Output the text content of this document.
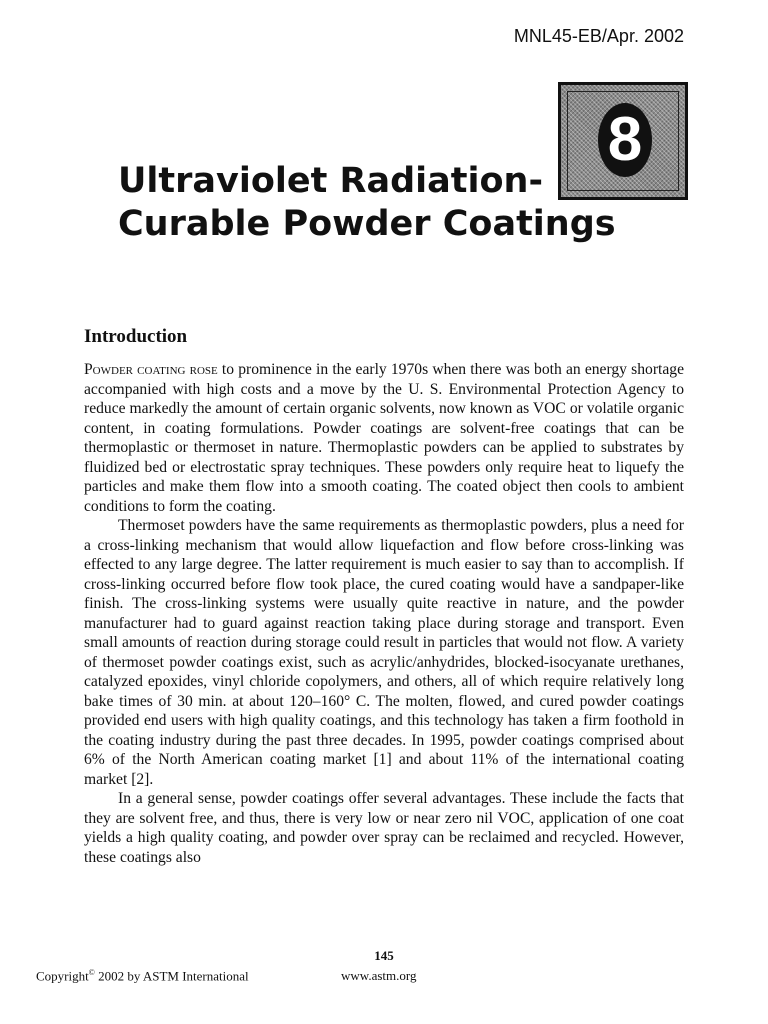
MNL45-EB/Apr. 2002
8
Ultraviolet Radiation-
Curable Powder Coatings
Introduction

Powder coating rose to prominence in the early 1970s when there was both an energy shortage accompanied with high costs and a move by the U. S. Environmental Protection Agency to reduce markedly the amount of certain organic solvents, now known as VOC or volatile organic content, in coating formulations. Powder coatings are solvent-free coatings that can be thermoplastic or thermoset in nature. Thermoplastic powders can be applied to substrates by fluidized bed or electrostatic spray techniques. These powders only require heat to liquefy the particles and make them flow into a smooth coating. The coated object then cools to ambient conditions to form the coating.

Thermoset powders have the same requirements as thermoplastic powders, plus a need for a cross-linking mechanism that would allow liquefaction and flow before cross-linking was effected to any large degree. The latter requirement is much easier to say than to accomplish. If cross-linking occurred before flow took place, the cured coating would have a sandpaper-like finish. The cross-linking systems were usually quite reactive in nature, and the powder manufacturer had to guard against reaction taking place during storage and transport. Even small amounts of reaction during storage could result in particles that would not flow. A variety of thermoset powder coatings exist, such as acrylic/anhydrides, blocked-isocyanate urethanes, catalyzed epoxides, vinyl chloride copolymers, and others, all of which require relatively long bake times of 30 min. at about 120–160° C. The molten, flowed, and cured powder coatings provided end users with high quality coatings, and this technology has taken a firm foothold in the coating industry during the past three decades. In 1995, powder coatings comprised about 6% of the North American coating market [1] and about 11% of the international coating market [2].

In a general sense, powder coatings offer several advantages. These include the facts that they are solvent free, and thus, there is very low or near zero nil VOC, application of one coat yields a high quality coating, and powder over spray can be reclaimed and recycled. However, these coatings also

145
Copyright© 2002 by ASTM International	www.astm.org
